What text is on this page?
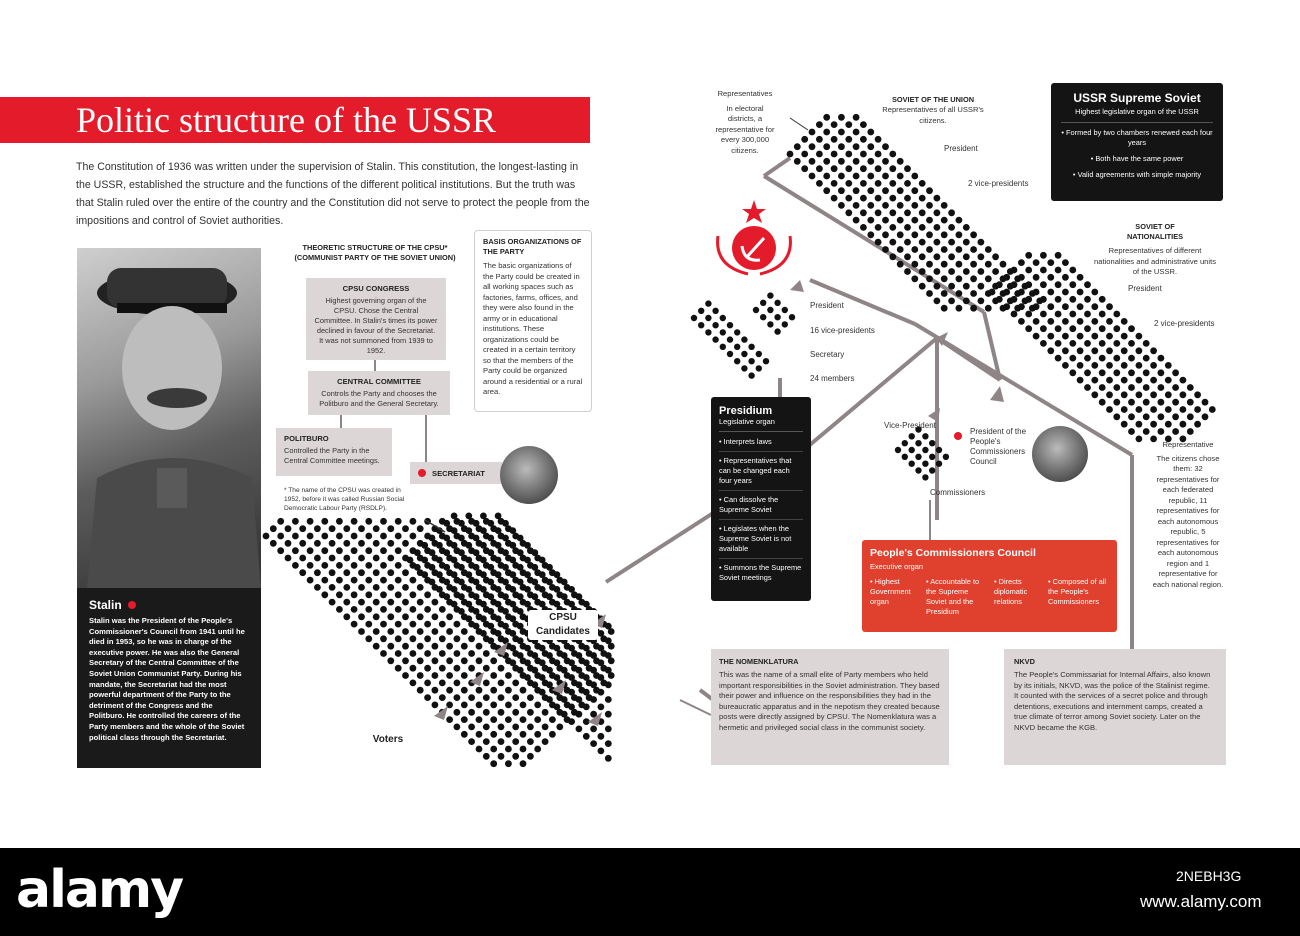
Politic structure of the USSR
The Constitution of 1936 was written under the supervision of Stalin. This constitution, the longest-lasting in the USSR, established the structure and the functions of the different political institutions. But the truth was that Stalin ruled over the entire of the country and the Constitution did not serve to protect the people from the impositions and control of Soviet authorities.
Stalin
Stalin was the President of the People's Commissioner's Council from 1941 until he died in 1953, so he was in charge of the executive power. He was also the General Secretary of the Central Committee of the Soviet Union Communist Party. During his mandate, the Secretariat had the most powerful department of the Party to the detriment of the Congress and the Politburo. He controlled the careers of the Party members and the whole of the Soviet political class through the Secretariat.
THEORETIC STRUCTURE OF THE CPSU* (COMMUNIST PARTY OF THE SOVIET UNION)
CPSU CONGRESS
Highest governing organ of the CPSU. Chose the Central Committee. In Stalin's times its power declined in favour of the Secretariat. It was not summoned from 1939 to 1952.
CENTRAL COMMITTEE
Controls the Party and chooses the Politburo and the General Secretary.
POLITBURO
Controlled the Party in the Central Committee meetings.
SECRETARIAT
* The name of the CPSU was created in 1952, before it was called Russian Social Democratic Labour Party (RSDLP).
BASIS ORGANIZATIONS OF THE PARTY
The basic organizations of the Party could be created in all working spaces such as factories, farms, offices, and they were also found in the army or in educational institutions. These organizations could be created in a certain territory so that the members of the Party could be organized around a residential or a rural area.
Voters
CPSU Candidates
Representatives
In electoral districts, a representative for every 300,000 citizens.
SOVIET OF THE UNION
Representatives of all USSR's citizens.
President
2 vice-presidents
USSR Supreme Soviet
Highest legislative organ of the USSR
• Formed by two chambers renewed each four years
• Both have the same power
• Valid agreements with simple majority
SOVIET OF NATIONALITIES
Representatives of different nationalities and administrative units of the USSR.
President
2 vice-presidents
President
16 vice-presidents
Secretary
24 members
Presidium
Legislative organ
• Interprets laws
• Representatives that can be changed each four years
• Can dissolve the Supreme Soviet
• Legislates when the Supreme Soviet is not available
• Summons the Supreme Soviet meetings
Vice-President
President of the People's Commissioners Council
Commissioners
Representative
The citizens chose them: 32 representatives for each federated republic, 11 representatives for each autonomous republic, 5 representatives for each autonomous region and 1 representative for each national region.
People's Commissioners Council
Executive organ
• Highest Government organ
• Accountable to the Supreme Soviet and the Presidium
• Directs diplomatic relations
• Composed of all the People's Commissioners
THE NOMENKLATURA
This was the name of a small elite of Party members who held important responsibilities in the Soviet administration. They based their power and influence on the responsibilities they had in the bureaucratic apparatus and in the nepotism they created because posts were directly assigned by CPSU. The Nomenklatura was a hermetic and privileged social class in the communist society.
NKVD
The People's Commissariat for Internal Affairs, also known by its initials, NKVD, was the police of the Stalinist regime. It counted with the services of a secret police and through detentions, executions and internment camps, created a true climate of terror among Soviet society. Later on the NKVD became the KGB.
alamy	2NEBH3G
www.alamy.com
